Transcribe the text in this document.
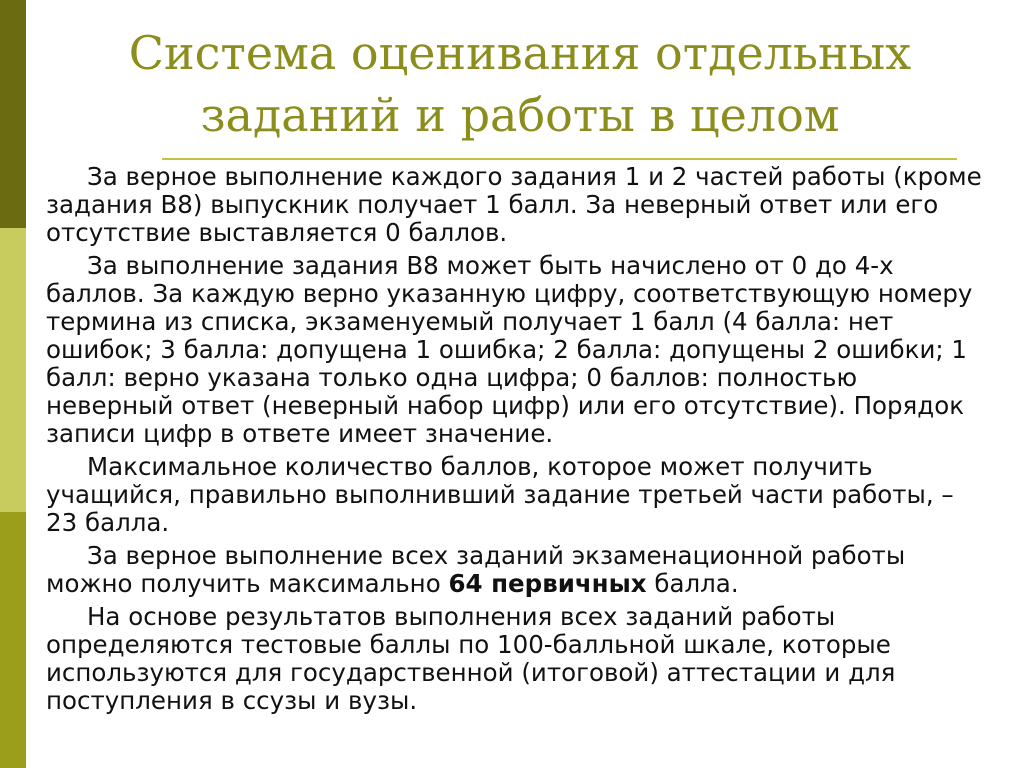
Система оценивания отдельных
заданий и работы в целом

За верное выполнение каждого задания 1 и 2 частей работы (кроме задания В8) выпускник получает 1 балл. За неверный ответ или его отсутствие выставляется 0 баллов.

За выполнение задания В8 может быть начислено от 0 до 4-х баллов. За каждую верно указанную цифру, соответствующую номеру термина из списка, экзаменуемый получает 1 балл (4 балла: нет ошибок; 3 балла: допущена 1 ошибка; 2 балла: допущены 2 ошибки; 1 балл: верно указана только одна цифра; 0 баллов: полностью неверный ответ (неверный набор цифр) или его отсутствие). Порядок записи цифр в ответе имеет значение.

Максимальное количество баллов, которое может получить учащийся, правильно выполнивший задание третьей части работы, – 23 балла.

За верное выполнение всех заданий экзаменационной работы можно получить максимально 64 первичных балла.

На основе результатов выполнения всех заданий работы определяются тестовые баллы по 100-балльной шкале, которые используются для государственной (итоговой) аттестации и для поступления в ссузы и вузы.
